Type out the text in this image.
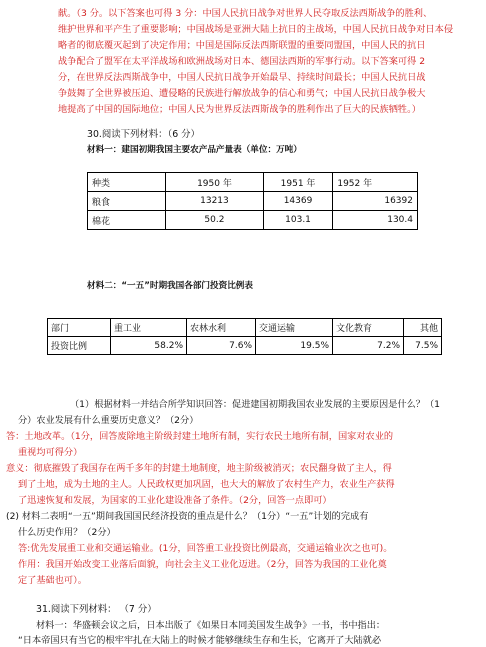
献。（3 分。以下答案也可得 3 分：中国人民抗日战争对世界人民夺取反法西斯战争的胜利、

维护世界和平产生了重要影响；中国战场是亚洲大陆上抗日的主战场，中国人民抗日战争对日本侵

略者的彻底覆灭起到了决定作用；中国是国际反法西斯联盟的重要同盟国，中国人民的抗日

战争配合了盟军在太平洋战场和欧洲战场对日本、德国法西斯的军事行动。以下答案可得 2

分，在世界反法西斯战争中，中国人民抗日战争开始最早、持续时间最长；中国人民抗日战

争鼓舞了全世界被压迫、遭侵略的民族进行解放战争的信心和勇气；中国人民抗日战争极大

地提高了中国的国际地位；中国人民为世界反法西斯战争的胜利作出了巨大的民族牺牲。）

30.阅读下列材料：（6 分）
材料一：建国初期我国主要农产品产量表（单位：万吨）
种类	1950 年	1951 年	1952 年
粮食	13213	14369	16392
棉花	50.2	103.1	130.4
材料二：“一五”时期我国各部门投资比例表
部门	重工业	农林水利	交通运输	文化教育	其他
投资比例	58.2%	7.6%	19.5%	7.2%	7.5%
（1）根据材料一并结合所学知识回答：促进建国初期我国农业发展的主要原因是什么？（1
分）农业发展有什么重要历史意义？（2分）
答：土地改革。（1分，回答废除地主阶级封建土地所有制，实行农民土地所有制，国家对农业的
重视均可得分）
意义：彻底摧毁了我国存在两千多年的封建土地制度，地主阶级被消灭；农民翻身做了主人，得
到了土地，成为土地的主人。人民政权更加巩固，也大大的解放了农村生产力，农业生产获得
了迅速恢复和发展，为国家的工业化建设准备了条件。（2分，回答一点即可）
(2) 材料二表明“一五”期间我国国民经济投资的重点是什么？（1分）“一五”计划的完成有
什么历史作用？（2分）
答:优先发展重工业和交通运输业。(1分，回答重工业投资比例最高，交通运输业次之也可)。
作用：我国开始改变工业落后面貌，向社会主义工业化迈进。（2分，回答为我国的工业化奠
定了基础也可）。
31.阅读下列材料： （7 分）
材料一：华盛顿会议之后，日本出版了《如果日本同美国发生战争》一书，书中指出：
“日本帝国只有当它的根牢牢扎在大陆上的时候才能够继续生存和生长，它离开了大陆就必
